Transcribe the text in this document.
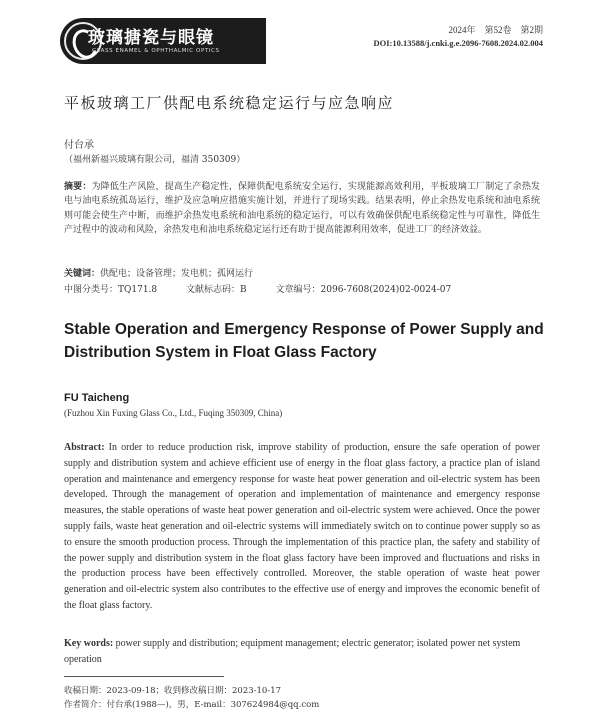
玻璃搪瓷与眼镜
GLASS ENAMEL & OPHTHALMIC OPTICS
2024年　第52卷　第2期
DOI:10.13588/j.cnki.g.e.2096-7608.2024.02.004
平板玻璃工厂供配电系统稳定运行与应急响应
付台承
（福州新福兴玻璃有限公司，福清 350309）
摘要：为降低生产风险，提高生产稳定性，保障供配电系统安全运行，实现能源高效利用，平板玻璃工厂制定了余热发电与油电系统孤岛运行，维护及应急响应措施实施计划，并进行了现场实践。结果表明，停止余热发电系统和油电系统则可能会使生产中断，而维护余热发电系统和油电系统的稳定运行，可以有效确保供配电系统稳定性与可靠性，降低生产过程中的波动和风险，余热发电和油电系统稳定运行还有助于提高能源利用效率，促进工厂的经济效益。
关键词：供配电；设备管理；发电机；孤网运行
中图分类号：TQ171.8	文献标志码：B	文章编号：2096-7608(2024)02-0024-07
Stable Operation and Emergency Response of Power Supply and Distribution System in Float Glass Factory
FU Taicheng
(Fuzhou Xin Fuxing Glass Co., Ltd., Fuqing 350309, China)
Abstract: In order to reduce production risk, improve stability of production, ensure the safe operation of power supply and distribution system and achieve efficient use of energy in the float glass factory, a practice plan of island operation and maintenance and emergency response for waste heat power generation and oil-electric system has been developed. Through the management of operation and implementation of maintenance and emergency response measures, the stable operations of waste heat power generation and oil-electric system were achieved. Once the power supply fails, waste heat generation and oil-electric systems will immediately switch on to continue power supply so as to ensure the smooth production process. Through the implementation of this practice plan, the safety and stability of the power supply and distribution system in the float glass factory have been improved and fluctuations and risks in the production process have been effectively controlled. Moreover, the stable operation of waste heat power generation and oil-electric system also contributes to the effective use of energy and improves the economic benefit of the float glass factory.
Key words: power supply and distribution; equipment management; electric generator; isolated power net system operation
收稿日期：2023-09-18；收到修改稿日期：2023-10-17
作者简介：付台承(1988—)，男，E-mail：307624984@qq.com
